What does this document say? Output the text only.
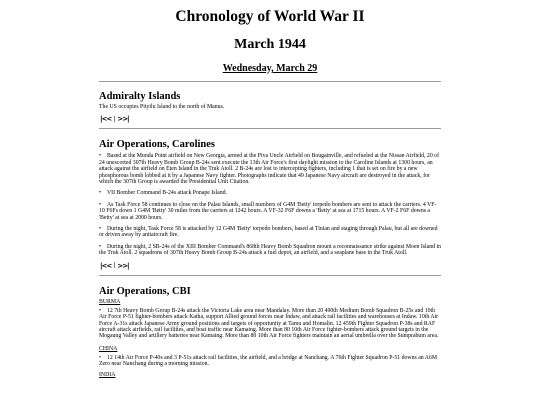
Chronology of World War II
March 1944
Wednesday, March 29
Admiralty Islands
The US occupies Pityilu Island to the north of Manus.
|<< | >>|
Air Operations, Carolines
• Based at the Munda Point airfield on New Georgia, armed at the Piva Uncle Airfield on Bougainville, and refueled at the Nissan Airfield, 20 of 24 unescorted 307th Heavy Bomb Group B-24s sent execute the 13th Air Force's first daylight mission to the Caroline Islands at 1300 hours, an attack against the airfield on Eten Island in the Truk Atoll. 2 B-24s are lost to intercepting fighters, including 1 that is set on fire by a new phosphorous bomb lobbed at it by a Japanese Navy fighter. Photographs indicate that 49 Japanese Navy aircraft are destroyed in the attack, for which the 307th Group is awarded the Presidential Unit Citation.
• VII Bomber Command B-24s attack Ponape Island.
• As Task Force 58 continues to close on the Palau Islands, small numbers of G4M 'Betty' torpedo bombers are sent to attack the carriers. 4 VF-10 F6Fs down 1 G4M 'Betty' 30 miles from the carriers at 1242 hours. A VF-32 F6F downs a 'Betty' at sea at 1715 hours. A VF-2 F6F downs a 'Betty' at sea at 2000 hours.
• During the night, Task Force 58 is attacked by 12 G4M 'Betty' torpedo bombers, based at Tinian and staging through Palau, but all are downed or driven away by antiaircraft fire.
• During the night, 2 SB-24s of the XIII Bomber Command's 868th Heavy Bomb Squadron mount a reconnaissance strike against Moen Island in the Truk Atoll. 2 squadrons of 307th Heavy Bomb Group B-24s attack a fuel depot, an airfield, and a seaplane base in the Truk Atoll.
|<< | >>|
Air Operations, CBI
BURMA
• 12 7th Heavy Bomb Group B-24s attack the Victoria Lake area near Mandalay. More than 20 490th Medium Bomb Squadron B-25s and 10th Air Force P-51 fighter-bombers attack Katha, support Allied ground forces near Indaw, and attack rail facilities and warehouses at Indaw. 10th Air Force A-31s attack Japanese Army ground positions and targets of opportunity at Tamu and Homalin. 12 459th Fighter Squadron P-38s and RAF aircraft attack airfields, rail facilities, and boat traffic near Kamaing. More than 80 10th Air Force fighter-bombers attack ground targets in the Mogaung Valley and artillery batteries near Kamaing. More than 80 10th Air Force fighters maintain an aerial umbrella over the Sumprabum area.
CHINA
• 12 14th Air Force P-40s and 3 P-51s attack rail facilities, the airfield, and a bridge at Nanchang. A 76th Fighter Squadron P-51 downs an A6M Zero near Nanchang during a morning mission.
INDIA
